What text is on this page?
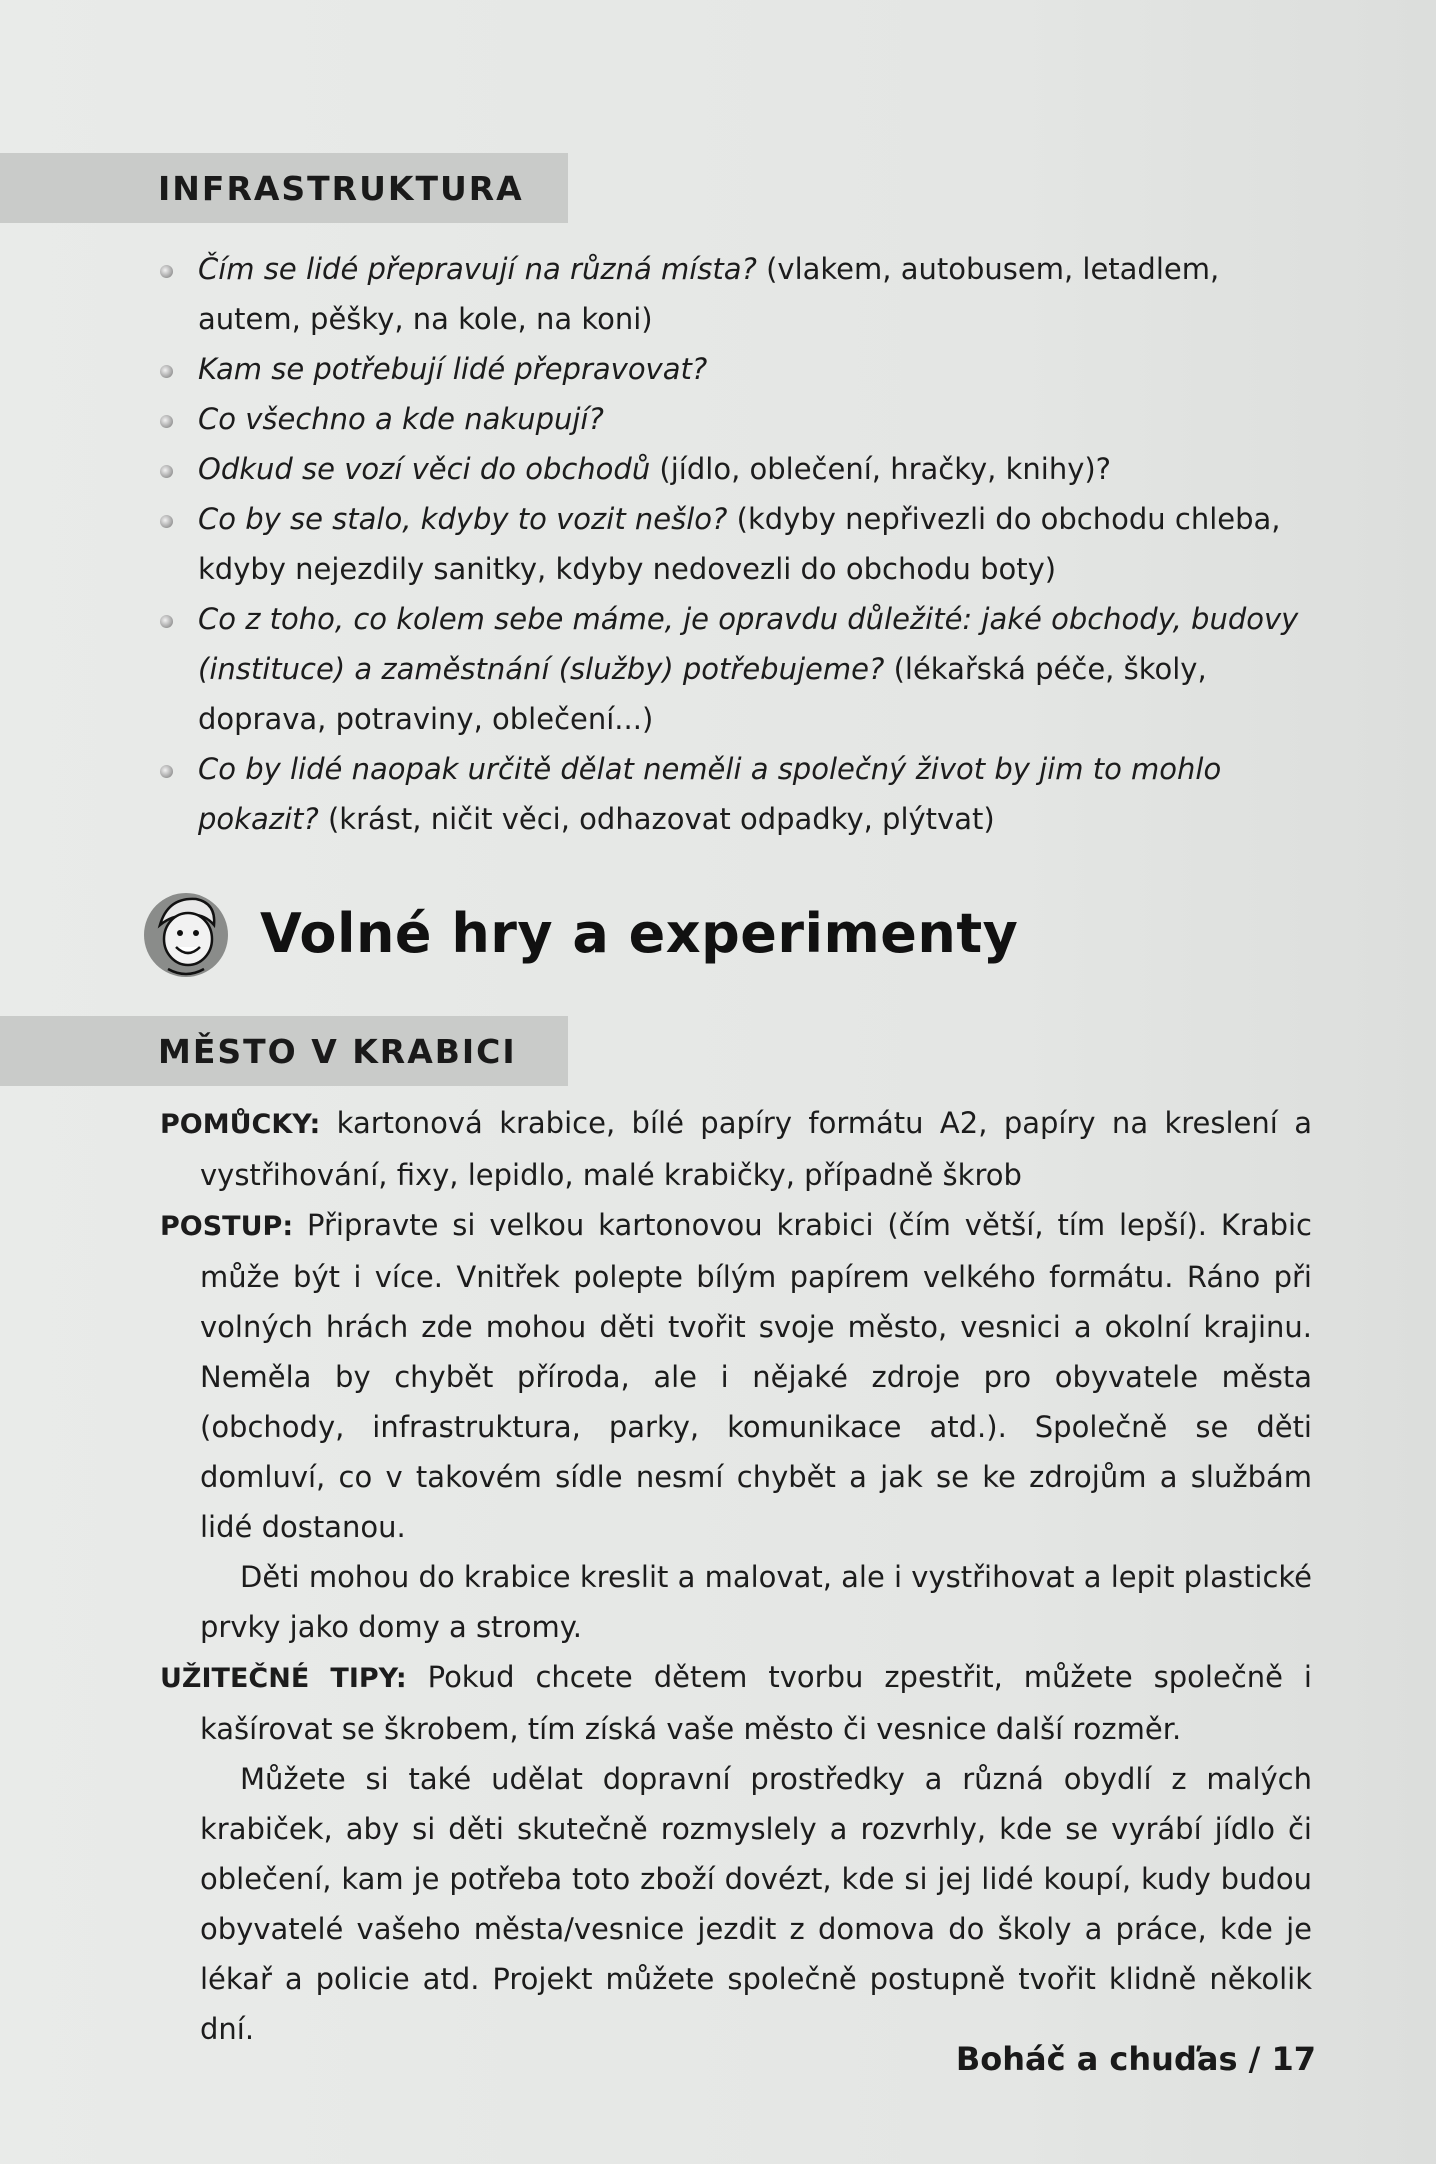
INFRASTRUKTURA
Čím se lidé přepravují na různá místa? (vlakem, autobusem, letadlem, autem, pěšky, na kole, na koni)
Kam se potřebují lidé přepravovat?
Co všechno a kde nakupují?
Odkud se vozí věci do obchodů (jídlo, oblečení, hračky, knihy)?
Co by se stalo, kdyby to vozit nešlo? (kdyby nepřivezli do obchodu chleba, kdyby nejezdily sanitky, kdyby nedovezli do obchodu boty)
Co z toho, co kolem sebe máme, je opravdu důležité: jaké obchody, budovy (instituce) a zaměstnání (služby) potřebujeme? (lékařská péče, školy, doprava, potraviny, oblečení...)
Co by lidé naopak určitě dělat neměli a společný život by jim to mohlo pokazit? (krást, ničit věci, odhazovat odpadky, plýtvat)
Volné hry a experimenty
MĚSTO V KRABICI

POMŮCKY: kartonová krabice, bílé papíry formátu A2, papíry na kreslení a vystřihování, fixy, lepidlo, malé krabičky, případně škrob

POSTUP: Připravte si velkou kartonovou krabici (čím větší, tím lepší). Krabic může být i více. Vnitřek polepte bílým papírem velkého formátu. Ráno při volných hrách zde mohou děti tvořit svoje město, vesnici a okolní krajinu. Neměla by chybět příroda, ale i nějaké zdroje pro obyvatele města (obchody, infrastruktura, parky, komunikace atd.). Společně se děti domluví, co v takovém sídle nesmí chybět a jak se ke zdrojům a službám lidé dostanou.

Děti mohou do krabice kreslit a malovat, ale i vystřihovat a lepit plastické prvky jako domy a stromy.

UŽITEČNÉ TIPY: Pokud chcete dětem tvorbu zpestřit, můžete společně i kašírovat se škrobem, tím získá vaše město či vesnice další rozměr.

Můžete si také udělat dopravní prostředky a různá obydlí z malých krabiček, aby si děti skutečně rozmyslely a rozvrhly, kde se vyrábí jídlo či oblečení, kam je potřeba toto zboží dovézt, kde si jej lidé koupí, kudy budou obyvatelé vašeho města/vesnice jezdit z domova do školy a práce, kde je lékař a policie atd. Projekt můžete společně postupně tvořit klidně několik dní.

Boháč a chuďas / 17
